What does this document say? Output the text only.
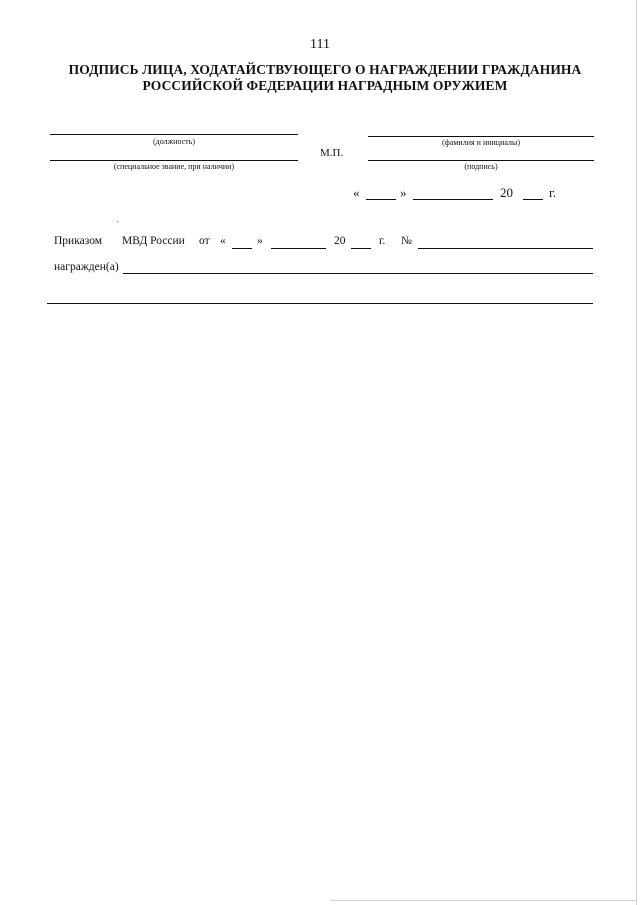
111
ПОДПИСЬ ЛИЦА, ХОДАТАЙСТВУЮЩЕГО О НАГРАЖДЕНИИ ГРАЖДАНИНА
РОССИЙСКОЙ ФЕДЕРАЦИИ НАГРАДНЫМ ОРУЖИЕМ
(должность)
(специальное звание, при наличии)
М.П.
(фамилия и инициалы)
(подпись)
«	»	20	г.
`
Приказом МВД России от «	»	20	г. №
награжден(а)
